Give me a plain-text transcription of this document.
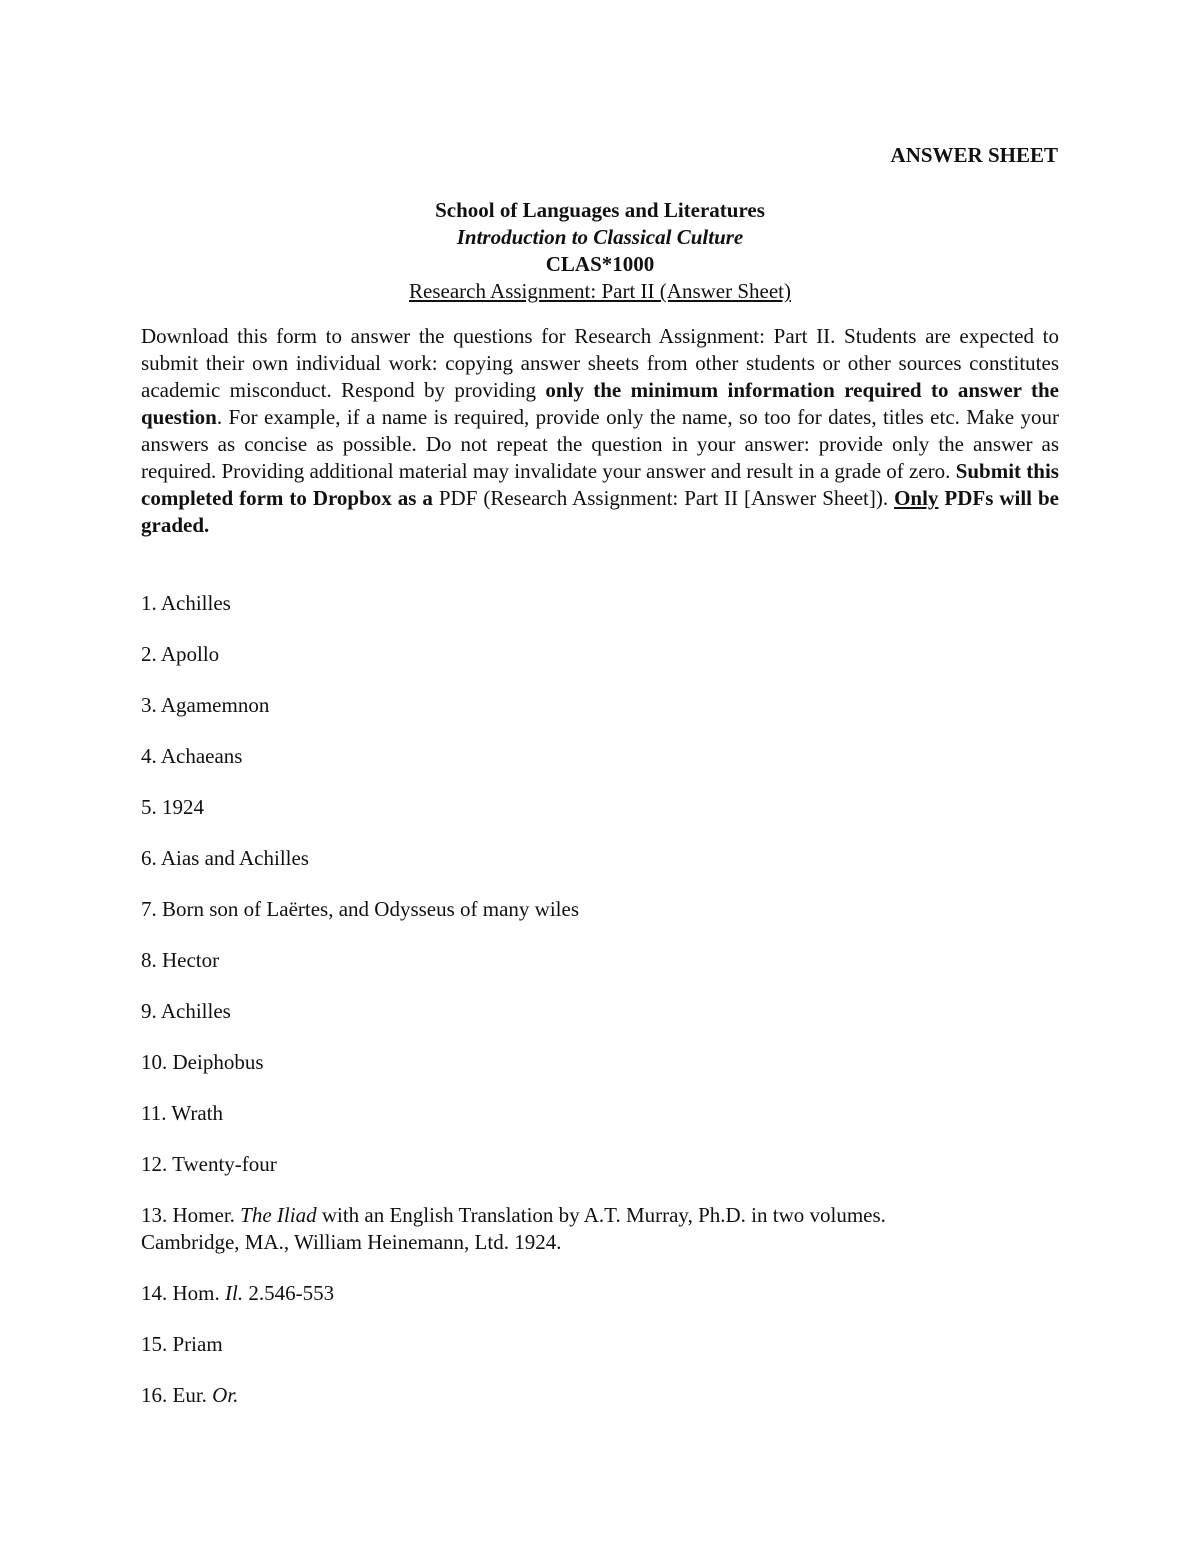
ANSWER SHEET
School of Languages and Literatures
Introduction to Classical Culture
CLAS*1000
Research Assignment: Part II (Answer Sheet)
Download this form to answer the questions for Research Assignment: Part II. Students are expected to submit their own individual work: copying answer sheets from other students or other sources constitutes academic misconduct. Respond by providing only the minimum information required to answer the question. For example, if a name is required, provide only the name, so too for dates, titles etc. Make your answers as concise as possible. Do not repeat the question in your answer: provide only the answer as required. Providing additional material may invalidate your answer and result in a grade of zero. Submit this completed form to Dropbox as a PDF (Research Assignment: Part II [Answer Sheet]). Only PDFs will be graded.
1. Achilles
2. Apollo
3. Agamemnon
4. Achaeans
5. 1924
6. Aias and Achilles
7. Born son of Laërtes, and Odysseus of many wiles
8. Hector
9. Achilles
10. Deiphobus
11. Wrath
12. Twenty-four
13. Homer. The Iliad with an English Translation by A.T. Murray, Ph.D. in two volumes.
Cambridge, MA., William Heinemann, Ltd. 1924.
14. Hom. Il. 2.546-553
15. Priam
16. Eur. Or.
